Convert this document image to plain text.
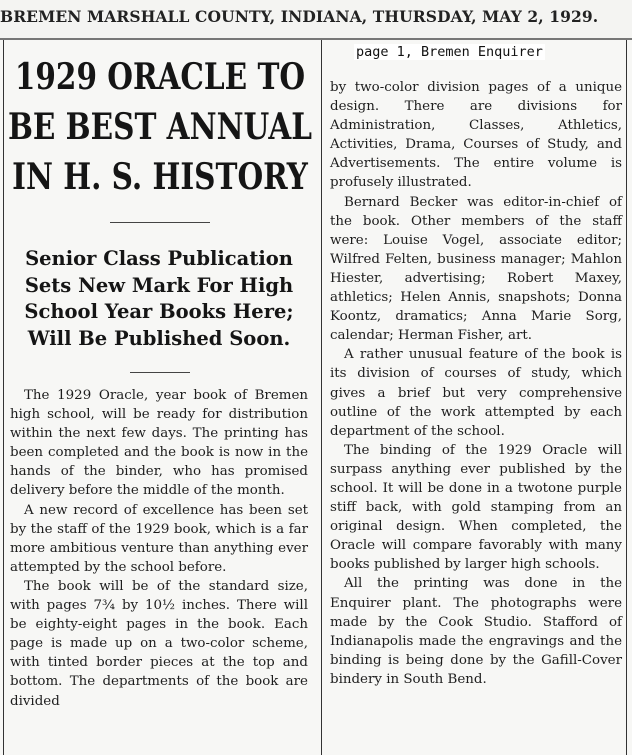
BREMEN MARSHALL COUNTY, INDIANA, THURSDAY, MAY 2, 1929.
page 1, Bremen Enquirer
1929 ORACLE TO
BE BEST ANNUAL
IN H. S. HISTORY
Senior Class Publication
Sets New Mark For High
School Year Books Here;
Will Be Published Soon.

The 1929 Oracle, year book of Bremen high school, will be ready for distribution within the next few days. The printing has been completed and the book is now in the hands of the binder, who has promised delivery before the middle of the month.

A new record of excellence has been set by the staff of the 1929 book, which is a far more ambitious venture than anything ever attempted by the school before.

The book will be of the standard size, with pages 7¾ by 10½ inches. There will be eighty-eight pages in the book. Each page is made up on a two-color scheme, with tinted border pieces at the top and bottom. The departments of the book are divided

by two-color division pages of a unique design. There are divisions for Administration, Classes, Athletics, Activities, Drama, Courses of Study, and Advertisements. The entire volume is profusely illustrated.

Bernard Becker was editor-in-chief of the book. Other members of the staff were: Louise Vogel, associate editor; Wilfred Felten, business manager; Mahlon Hiester, advertising; Robert Maxey, athletics; Helen Annis, snapshots; Donna Koontz, dramatics; Anna Marie Sorg, calendar; Herman Fisher, art.

A rather unusual feature of the book is its division of courses of study, which gives a brief but very comprehensive outline of the work attempted by each department of the school.

The binding of the 1929 Oracle will surpass anything ever published by the school. It will be done in a twotone purple stiff back, with gold stamping from an original design. When completed, the Oracle will compare favorably with many books published by larger high schools.

All the printing was done in the Enquirer plant. The photographs were made by the Cook Studio. Stafford of Indianapolis made the engravings and the binding is being done by the Gafill-Cover bindery in South Bend.
